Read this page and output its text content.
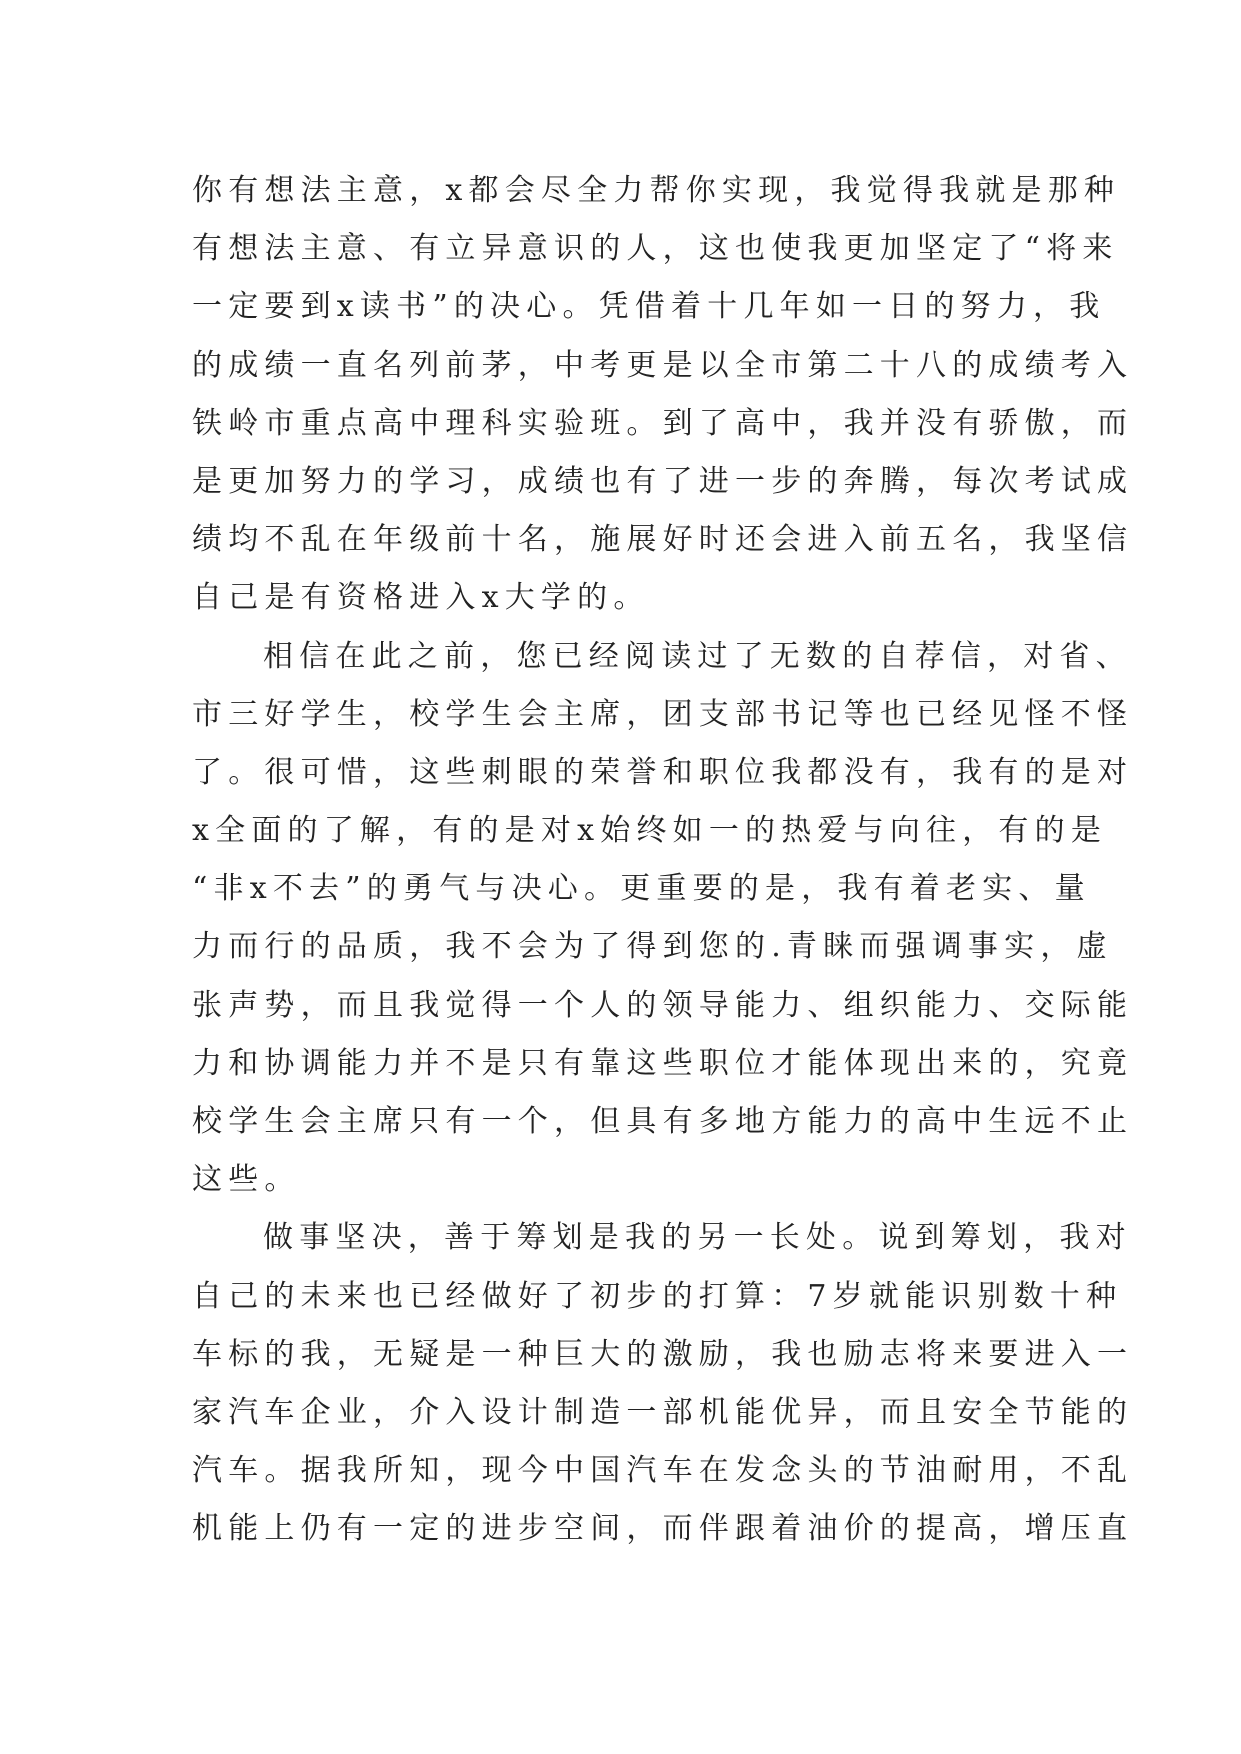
你有想法主意，x都会尽全力帮你实现，我觉得我就是那种
有想法主意、有立异意识的人，这也使我更加坚定了“将来
一定要到x读书”的决心。凭借着十几年如一日的努力，我
的成绩一直名列前茅，中考更是以全市第二十八的成绩考入
铁岭市重点高中理科实验班。到了高中，我并没有骄傲，而
是更加努力的学习，成绩也有了进一步的奔腾，每次考试成
绩均不乱在年级前十名，施展好时还会进入前五名，我坚信
自己是有资格进入x大学的。
相信在此之前，您已经阅读过了无数的自荐信，对省、
市三好学生，校学生会主席，团支部书记等也已经见怪不怪
了。很可惜，这些刺眼的荣誉和职位我都没有，我有的是对
x全面的了解，有的是对x始终如一的热爱与向往，有的是
“非x不去”的勇气与决心。更重要的是，我有着老实、量
力而行的品质，我不会为了得到您的.青睐而强调事实，虚
张声势，而且我觉得一个人的领导能力、组织能力、交际能
力和协调能力并不是只有靠这些职位才能体现出来的，究竟
校学生会主席只有一个，但具有多地方能力的高中生远不止
这些。
做事坚决，善于筹划是我的另一长处。说到筹划，我对
自己的未来也已经做好了初步的打算：7岁就能识别数十种
车标的我，无疑是一种巨大的激励，我也励志将来要进入一
家汽车企业，介入设计制造一部机能优异，而且安全节能的
汽车。据我所知，现今中国汽车在发念头的节油耐用，不乱
机能上仍有一定的进步空间，而伴跟着油价的提高，增压直
